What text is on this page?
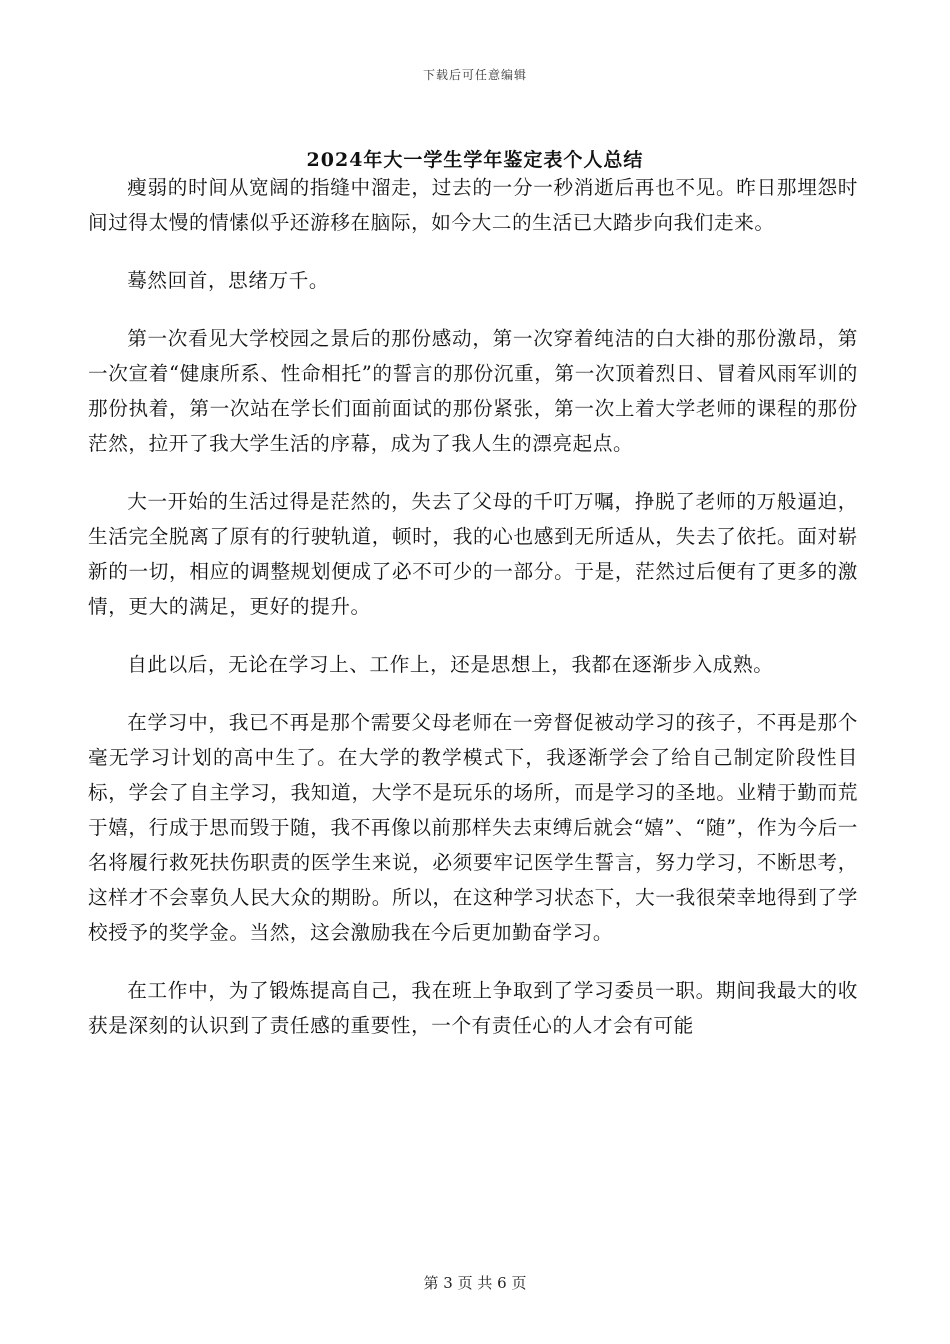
下载后可任意编辑
2024年大一学生学年鉴定表个人总结

瘦弱的时间从宽阔的指缝中溜走，过去的一分一秒消逝后再也不见。昨日那埋怨时间过得太慢的情愫似乎还游移在脑际，如今大二的生活已大踏步向我们走来。

蓦然回首，思绪万千。

第一次看见大学校园之景后的那份感动，第一次穿着纯洁的白大褂的那份激昂，第一次宣着“健康所系、性命相托”的誓言的那份沉重，第一次顶着烈日、冒着风雨军训的那份执着，第一次站在学长们面前面试的那份紧张，第一次上着大学老师的课程的那份茫然，拉开了我大学生活的序幕，成为了我人生的漂亮起点。

大一开始的生活过得是茫然的，失去了父母的千叮万嘱，挣脱了老师的万般逼迫，生活完全脱离了原有的行驶轨道，顿时，我的心也感到无所适从，失去了依托。面对崭新的一切，相应的调整规划便成了必不可少的一部分。于是，茫然过后便有了更多的激情，更大的满足，更好的提升。

自此以后，无论在学习上、工作上，还是思想上，我都在逐渐步入成熟。

在学习中，我已不再是那个需要父母老师在一旁督促被动学习的孩子，不再是那个毫无学习计划的高中生了。在大学的教学模式下，我逐渐学会了给自己制定阶段性目标，学会了自主学习，我知道，大学不是玩乐的场所，而是学习的圣地。业精于勤而荒于嬉，行成于思而毁于随，我不再像以前那样失去束缚后就会“嬉”、“随”，作为今后一名将履行救死扶伤职责的医学生来说，必须要牢记医学生誓言，努力学习，不断思考，这样才不会辜负人民大众的期盼。所以，在这种学习状态下，大一我很荣幸地得到了学校授予的奖学金。当然，这会激励我在今后更加勤奋学习。

在工作中，为了锻炼提高自己，我在班上争取到了学习委员一职。期间我最大的收获是深刻的认识到了责任感的重要性，一个有责任心的人才会有可能

第 3 页 共 6 页
